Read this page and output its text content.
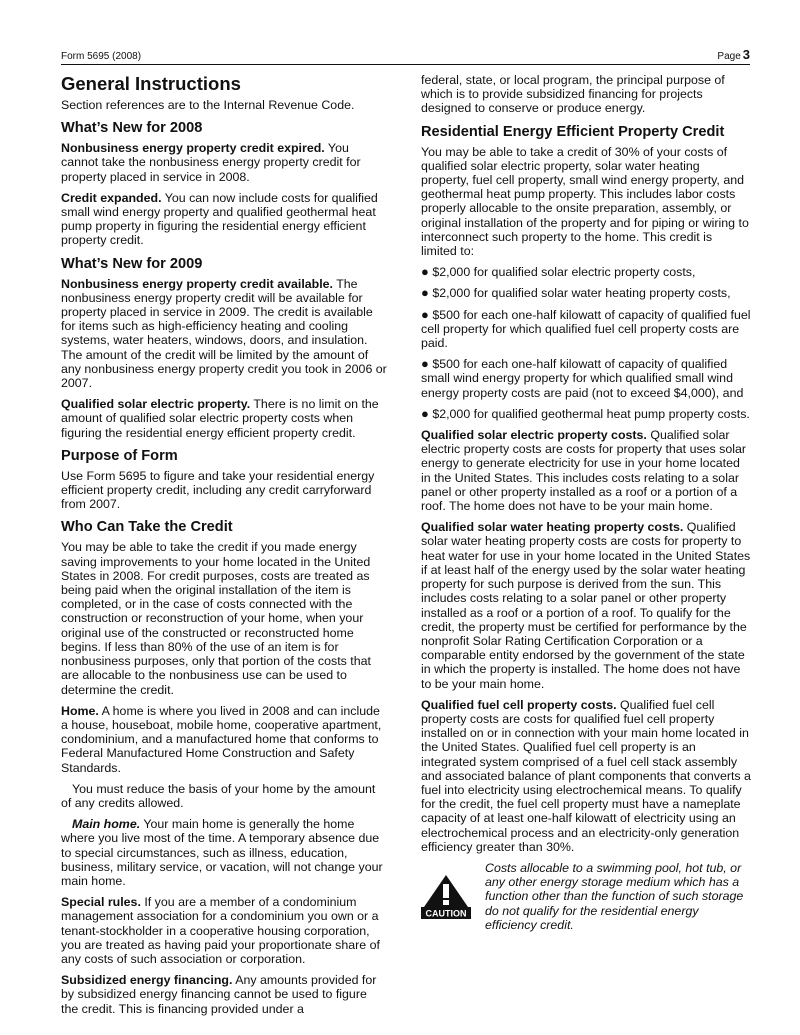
Form 5695 (2008)	Page 3
General Instructions

Section references are to the Internal Revenue Code.

What’s New for 2008

Nonbusiness energy property credit expired. You cannot take the nonbusiness energy property credit for property placed in service in 2008.

Credit expanded. You can now include costs for qualified small wind energy property and qualified geothermal heat pump property in figuring the residential energy efficient property credit.

What’s New for 2009

Nonbusiness energy property credit available. The nonbusiness energy property credit will be available for property placed in service in 2009. The credit is available for items such as high-efficiency heating and cooling systems, water heaters, windows, doors, and insulation. The amount of the credit will be limited by the amount of any nonbusiness energy property credit you took in 2006 or 2007.

Qualified solar electric property. There is no limit on the amount of qualified solar electric property costs when figuring the residential energy efficient property credit.

Purpose of Form

Use Form 5695 to figure and take your residential energy efficient property credit, including any credit carryforward from 2007.

Who Can Take the Credit

You may be able to take the credit if you made energy saving improvements to your home located in the United States in 2008. For credit purposes, costs are treated as being paid when the original installation of the item is completed, or in the case of costs connected with the construction or reconstruction of your home, when your original use of the constructed or reconstructed home begins. If less than 80% of the use of an item is for nonbusiness purposes, only that portion of the costs that are allocable to the nonbusiness use can be used to determine the credit.

Home. A home is where you lived in 2008 and can include a house, houseboat, mobile home, cooperative apartment, condominium, and a manufactured home that conforms to Federal Manufactured Home Construction and Safety Standards.

You must reduce the basis of your home by the amount of any credits allowed.

Main home. Your main home is generally the home where you live most of the time. A temporary absence due to special circumstances, such as illness, education, business, military service, or vacation, will not change your main home.

Special rules. If you are a member of a condominium management association for a condominium you own or a tenant-stockholder in a cooperative housing corporation, you are treated as having paid your proportionate share of any costs of such association or corporation.

Subsidized energy financing. Any amounts provided for by subsidized energy financing cannot be used to figure the credit. This is financing provided under a

federal, state, or local program, the principal purpose of which is to provide subsidized financing for projects designed to conserve or produce energy.

Residential Energy Efficient Property Credit

You may be able to take a credit of 30% of your costs of qualified solar electric property, solar water heating property, fuel cell property, small wind energy property, and geothermal heat pump property. This includes labor costs properly allocable to the onsite preparation, assembly, or original installation of the property and for piping or wiring to interconnect such property to the home. This credit is limited to:

● $2,000 for qualified solar electric property costs,
● $2,000 for qualified solar water heating property costs,
● $500 for each one-half kilowatt of capacity of qualified fuel cell property for which qualified fuel cell property costs are paid.
● $500 for each one-half kilowatt of capacity of qualified small wind energy property for which qualified small wind energy property costs are paid (not to exceed $4,000), and
● $2,000 for qualified geothermal heat pump property costs.

Qualified solar electric property costs. Qualified solar electric property costs are costs for property that uses solar energy to generate electricity for use in your home located in the United States. This includes costs relating to a solar panel or other property installed as a roof or a portion of a roof. The home does not have to be your main home.

Qualified solar water heating property costs. Qualified solar water heating property costs are costs for property to heat water for use in your home located in the United States if at least half of the energy used by the solar water heating property for such purpose is derived from the sun. This includes costs relating to a solar panel or other property installed as a roof or a portion of a roof. To qualify for the credit, the property must be certified for performance by the nonprofit Solar Rating Certification Corporation or a comparable entity endorsed by the government of the state in which the property is installed. The home does not have to be your main home.

Qualified fuel cell property costs. Qualified fuel cell property costs are costs for qualified fuel cell property installed on or in connection with your main home located in the United States. Qualified fuel cell property is an integrated system comprised of a fuel cell stack assembly and associated balance of plant components that converts a fuel into electricity using electrochemical means. To qualify for the credit, the fuel cell property must have a nameplate capacity of at least one-half kilowatt of electricity using an electrochemical process and an electricity-only generation efficiency greater than 30%.

CAUTION
Costs allocable to a swimming pool, hot tub, or any other energy storage medium which has a function other than the function of such storage do not qualify for the residential energy efficiency credit.
